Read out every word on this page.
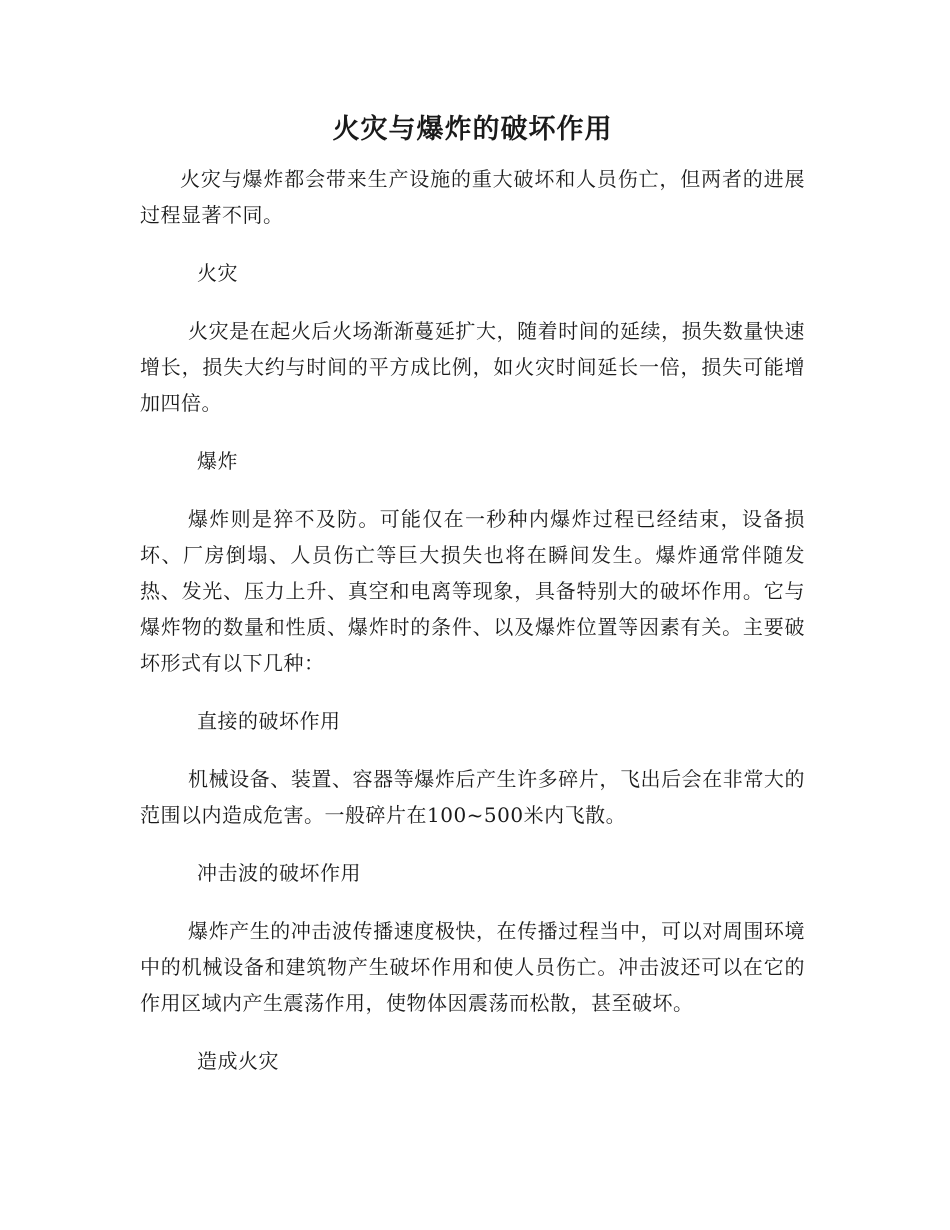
火灾与爆炸的破坏作用

火灾与爆炸都会带来生产设施的重大破坏和人员伤亡，但两者的进展过程显著不同。

火灾

火灾是在起火后火场渐渐蔓延扩大，随着时间的延续，损失数量快速增长，损失大约与时间的平方成比例，如火灾时间延长一倍，损失可能增加四倍。

爆炸

爆炸则是猝不及防。可能仅在一秒种内爆炸过程已经结束，设备损坏、厂房倒塌、人员伤亡等巨大损失也将在瞬间发生。爆炸通常伴随发热、发光、压力上升、真空和电离等现象，具备特别大的破坏作用。它与爆炸物的数量和性质、爆炸时的条件、以及爆炸位置等因素有关。主要破坏形式有以下几种：

直接的破坏作用

机械设备、装置、容器等爆炸后产生许多碎片，飞出后会在非常大的范围以内造成危害。一般碎片在100~500米内飞散。

冲击波的破坏作用

爆炸产生的冲击波传播速度极快，在传播过程当中，可以对周围环境中的机械设备和建筑物产生破坏作用和使人员伤亡。冲击波还可以在它的作用区域内产生震荡作用，使物体因震荡而松散，甚至破坏。

造成火灾
